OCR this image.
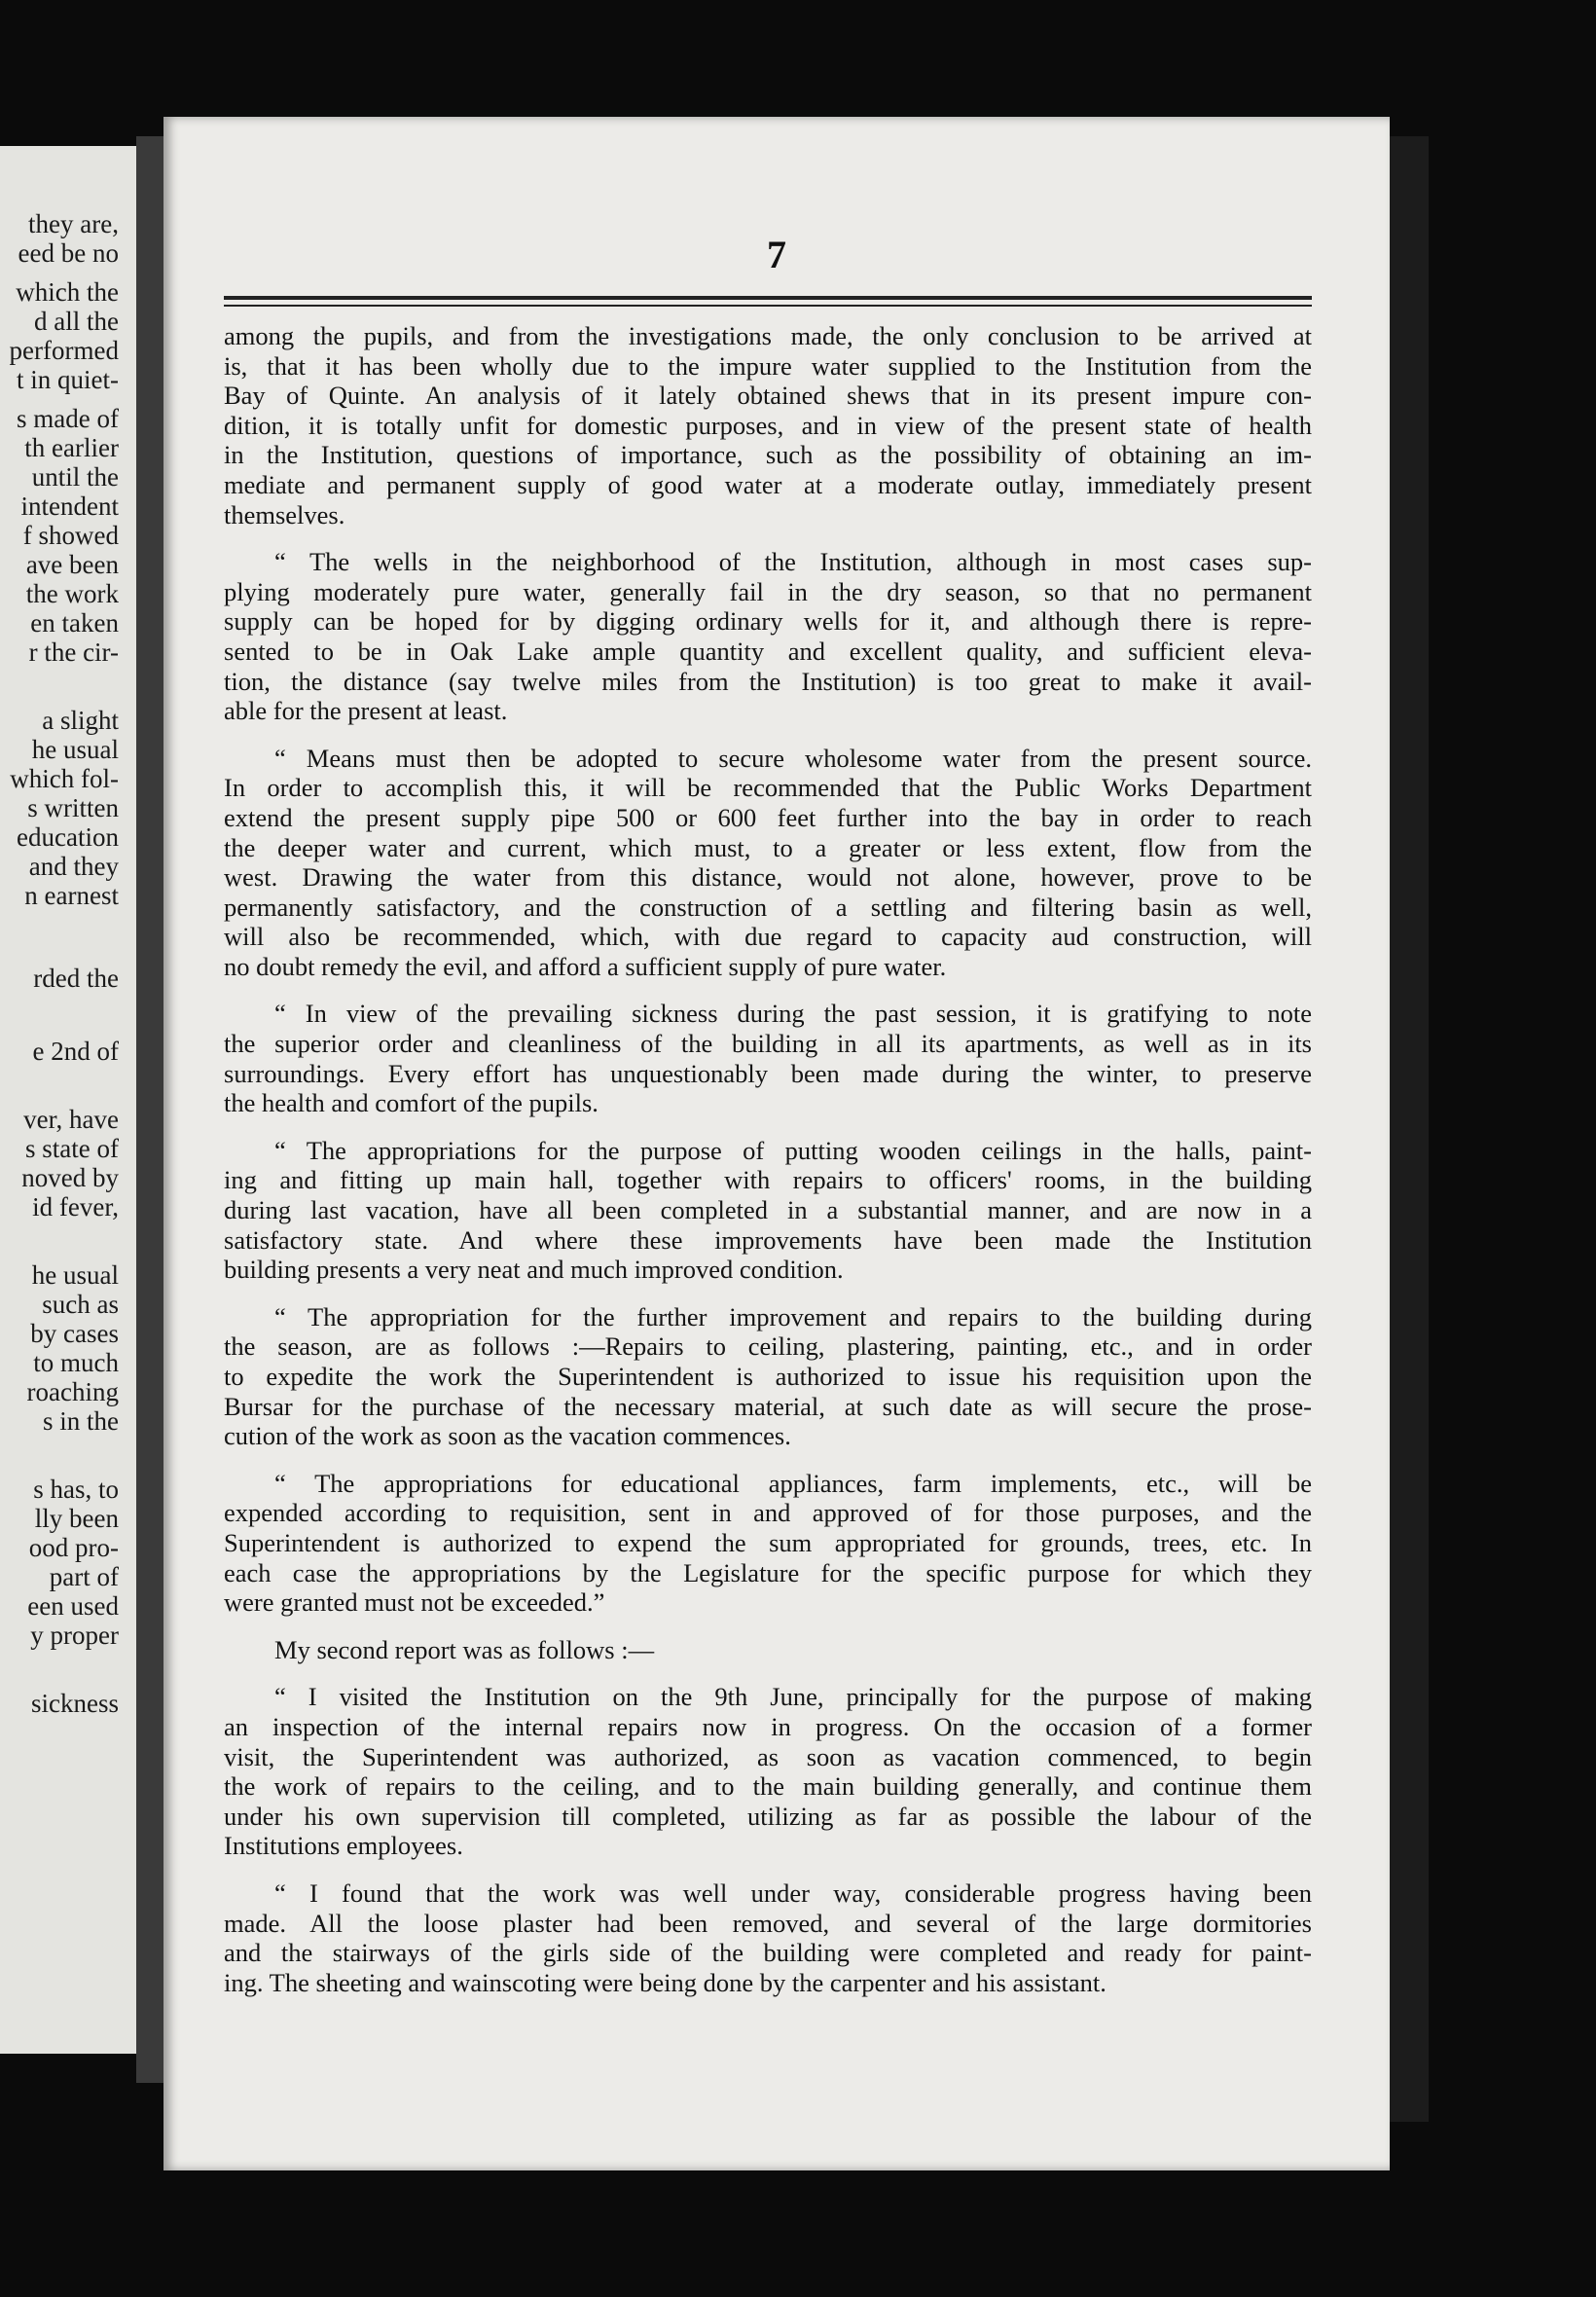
they are,
eed be no
which the
d all the
performed
t in quiet-
s made of
th earlier
until the
intendent
f showed
ave been
the work
en taken
r the cir-
a slight
he usual
which fol-
s written
education
and they
n earnest
rded the
e 2nd of
ver, have
s state of
noved by
id fever,
he usual
such as
by cases
to much
roaching
s in the
s has, to
lly been
ood pro-
part of
een used
y proper
sickness
7
among the pupils, and from the investigations made, the only conclusion to be arrived at
is, that it has been wholly due to the impure water supplied to the Institution from the
Bay of Quinte. An analysis of it lately obtained shews that in its present impure con-
dition, it is totally unfit for domestic purposes, and in view of the present state of health
in the Institution, questions of importance, such as the possibility of obtaining an im-
mediate and permanent supply of good water at a moderate outlay, immediately present
themselves.
“ The wells in the neighborhood of the Institution, although in most cases sup-
plying moderately pure water, generally fail in the dry season, so that no permanent
supply can be hoped for by digging ordinary wells for it, and although there is repre-
sented to be in Oak Lake ample quantity and excellent quality, and sufficient eleva-
tion, the distance (say twelve miles from the Institution) is too great to make it avail-
able for the present at least.
“ Means must then be adopted to secure wholesome water from the present source.
In order to accomplish this, it will be recommended that the Public Works Department
extend the present supply pipe 500 or 600 feet further into the bay in order to reach
the deeper water and current, which must, to a greater or less extent, flow from the
west. Drawing the water from this distance, would not alone, however, prove to be
permanently satisfactory, and the construction of a settling and filtering basin as well,
will also be recommended, which, with due regard to capacity aud construction, will
no doubt remedy the evil, and afford a sufficient supply of pure water.
“ In view of the prevailing sickness during the past session, it is gratifying to note
the superior order and cleanliness of the building in all its apartments, as well as in its
surroundings. Every effort has unquestionably been made during the winter, to preserve
the health and comfort of the pupils.
“ The appropriations for the purpose of putting wooden ceilings in the halls, paint-
ing and fitting up main hall, together with repairs to officers' rooms, in the building
during last vacation, have all been completed in a substantial manner, and are now in a
satisfactory state. And where these improvements have been made the Institution
building presents a very neat and much improved condition.
“ The appropriation for the further improvement and repairs to the building during
the season, are as follows :—Repairs to ceiling, plastering, painting, etc., and in order
to expedite the work the Superintendent is authorized to issue his requisition upon the
Bursar for the purchase of the necessary material, at such date as will secure the prose-
cution of the work as soon as the vacation commences.
“ The appropriations for educational appliances, farm implements, etc., will be
expended according to requisition, sent in and approved of for those purposes, and the
Superintendent is authorized to expend the sum appropriated for grounds, trees, etc. In
each case the appropriations by the Legislature for the specific purpose for which they
were granted must not be exceeded.”
My second report was as follows :—
“ I visited the Institution on the 9th June, principally for the purpose of making
an inspection of the internal repairs now in progress. On the occasion of a former
visit, the Superintendent was authorized, as soon as vacation commenced, to begin
the work of repairs to the ceiling, and to the main building generally, and continue them
under his own supervision till completed, utilizing as far as possible the labour of the
Institutions employees.
“ I found that the work was well under way, considerable progress having been
made. All the loose plaster had been removed, and several of the large dormitories
and the stairways of the girls side of the building were completed and ready for paint-
ing. The sheeting and wainscoting were being done by the carpenter and his assistant.
